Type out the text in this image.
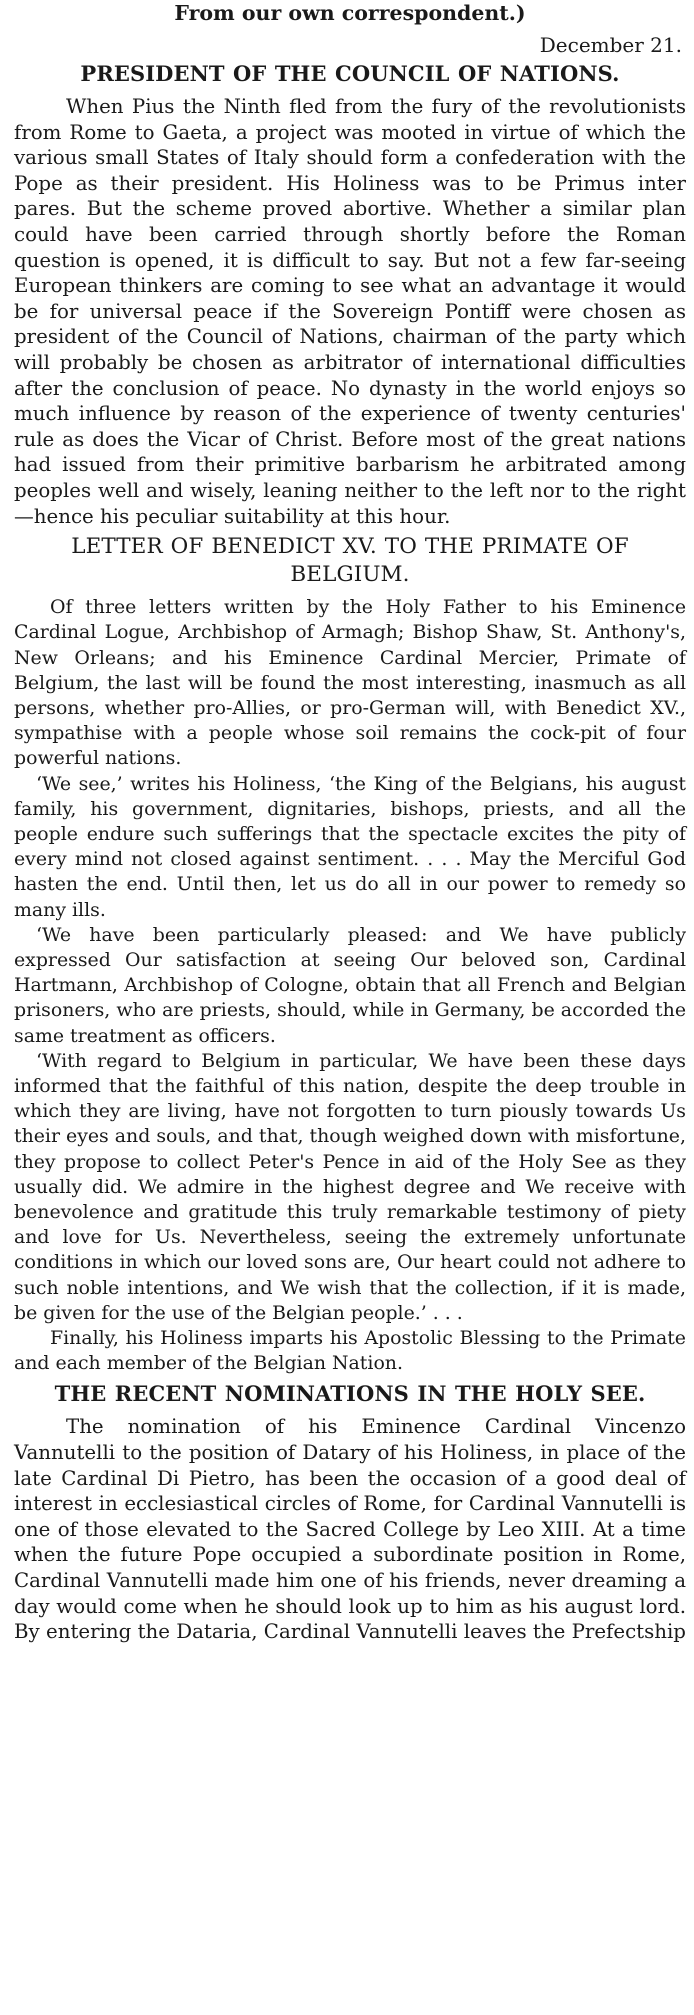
From our own correspondent.)

December 21.

PRESIDENT OF THE COUNCIL OF NATIONS.

When Pius the Ninth fled from the fury of the revolutionists from Rome to Gaeta, a project was mooted in virtue of which the various small States of Italy should form a confederation with the Pope as their president. His Holiness was to be Primus inter pares. But the scheme proved abortive. Whether a similar plan could have been carried through shortly before the Roman question is opened, it is difficult to say. But not a few far-seeing European thinkers are coming to see what an advantage it would be for universal peace if the Sovereign Pontiff were chosen as president of the Council of Nations, chairman of the party which will probably be chosen as arbitrator of international difficulties after the conclusion of peace. No dynasty in the world enjoys so much influence by reason of the experience of twenty centuries' rule as does the Vicar of Christ. Before most of the great nations had issued from their primitive barbarism he arbitrated among peoples well and wisely, leaning neither to the left nor to the right—hence his peculiar suitability at this hour.

LETTER OF BENEDICT XV. TO THE PRIMATE OF BELGIUM.

Of three letters written by the Holy Father to his Eminence Cardinal Logue, Archbishop of Armagh; Bishop Shaw, St. Anthony's, New Orleans; and his Eminence Cardinal Mercier, Primate of Belgium, the last will be found the most interesting, inasmuch as all persons, whether pro-Allies, or pro-German will, with Benedict XV., sympathise with a people whose soil remains the cock-pit of four powerful nations.

‘We see,’ writes his Holiness, ‘the King of the Belgians, his august family, his government, dignitaries, bishops, priests, and all the people endure such sufferings that the spectacle excites the pity of every mind not closed against sentiment. . . . May the Merciful God hasten the end. Until then, let us do all in our power to remedy so many ills.

‘We have been particularly pleased: and We have publicly expressed Our satisfaction at seeing Our beloved son, Cardinal Hartmann, Archbishop of Cologne, obtain that all French and Belgian prisoners, who are priests, should, while in Germany, be accorded the same treatment as officers.

‘With regard to Belgium in particular, We have been these days informed that the faithful of this nation, despite the deep trouble in which they are living, have not forgotten to turn piously towards Us their eyes and souls, and that, though weighed down with misfortune, they propose to collect Peter's Pence in aid of the Holy See as they usually did. We admire in the highest degree and We receive with benevolence and gratitude this truly remarkable testimony of piety and love for Us. Nevertheless, seeing the extremely unfortunate conditions in which our loved sons are, Our heart could not adhere to such noble intentions, and We wish that the collection, if it is made, be given for the use of the Belgian people.’ . . .

Finally, his Holiness imparts his Apostolic Blessing to the Primate and each member of the Belgian Nation.

THE RECENT NOMINATIONS IN THE HOLY SEE.

The nomination of his Eminence Cardinal Vincenzo Vannutelli to the position of Datary of his Holiness, in place of the late Cardinal Di Pietro, has been the occasion of a good deal of interest in ecclesiastical circles of Rome, for Cardinal Vannutelli is one of those elevated to the Sacred College by Leo XIII. At a time when the future Pope occupied a subordinate position in Rome, Cardinal Vannutelli made him one of his friends, never dreaming a day would come when he should look up to him as his august lord. By entering the Dataria, Cardinal Vannutelli leaves the Prefectship
